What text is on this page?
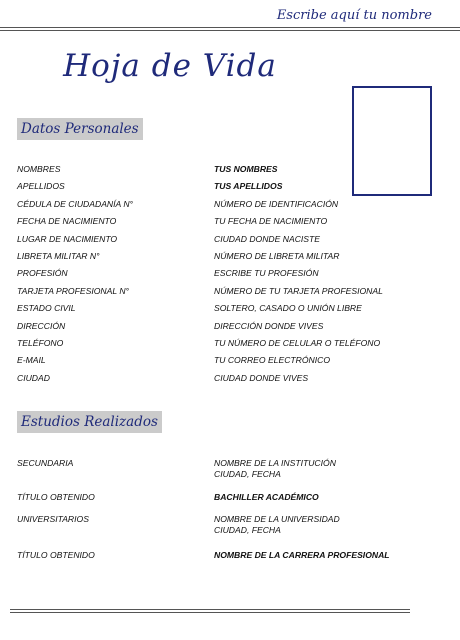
Escribe aquí tu nombre
Hoja de Vida
Datos Personales
NOMBRES	TUS NOMBRES
APELLIDOS	TUS APELLIDOS
CÉDULA DE CIUDADANÍA N°	NÚMERO DE IDENTIFICACIÓN
FECHA DE NACIMIENTO	TU FECHA DE NACIMIENTO
LUGAR DE NACIMIENTO	CIUDAD DONDE NACISTE
LIBRETA MILITAR N°	NÚMERO DE LIBRETA MILITAR
PROFESIÓN	ESCRIBE TU PROFESIÓN
TARJETA PROFESIONAL N°	NÚMERO DE TU TARJETA PROFESIONAL
ESTADO CIVIL	SOLTERO, CASADO O UNIÓN LIBRE
DIRECCIÓN	DIRECCIÓN DONDE VIVES
TELÉFONO	TU NÚMERO DE CELULAR O TELÉFONO
E-MAIL	TU CORREO ELECTRÓNICO
CIUDAD	CIUDAD DONDE VIVES
Estudios Realizados
SECUNDARIA	NOMBRE DE LA INSTITUCIÓN
CIUDAD, FECHA
TÍTULO OBTENIDO	BACHILLER ACADÉMICO
UNIVERSITARIOS	NOMBRE DE LA UNIVERSIDAD
CIUDAD, FECHA
TÍTULO OBTENIDO	NOMBRE DE LA CARRERA PROFESIONAL
